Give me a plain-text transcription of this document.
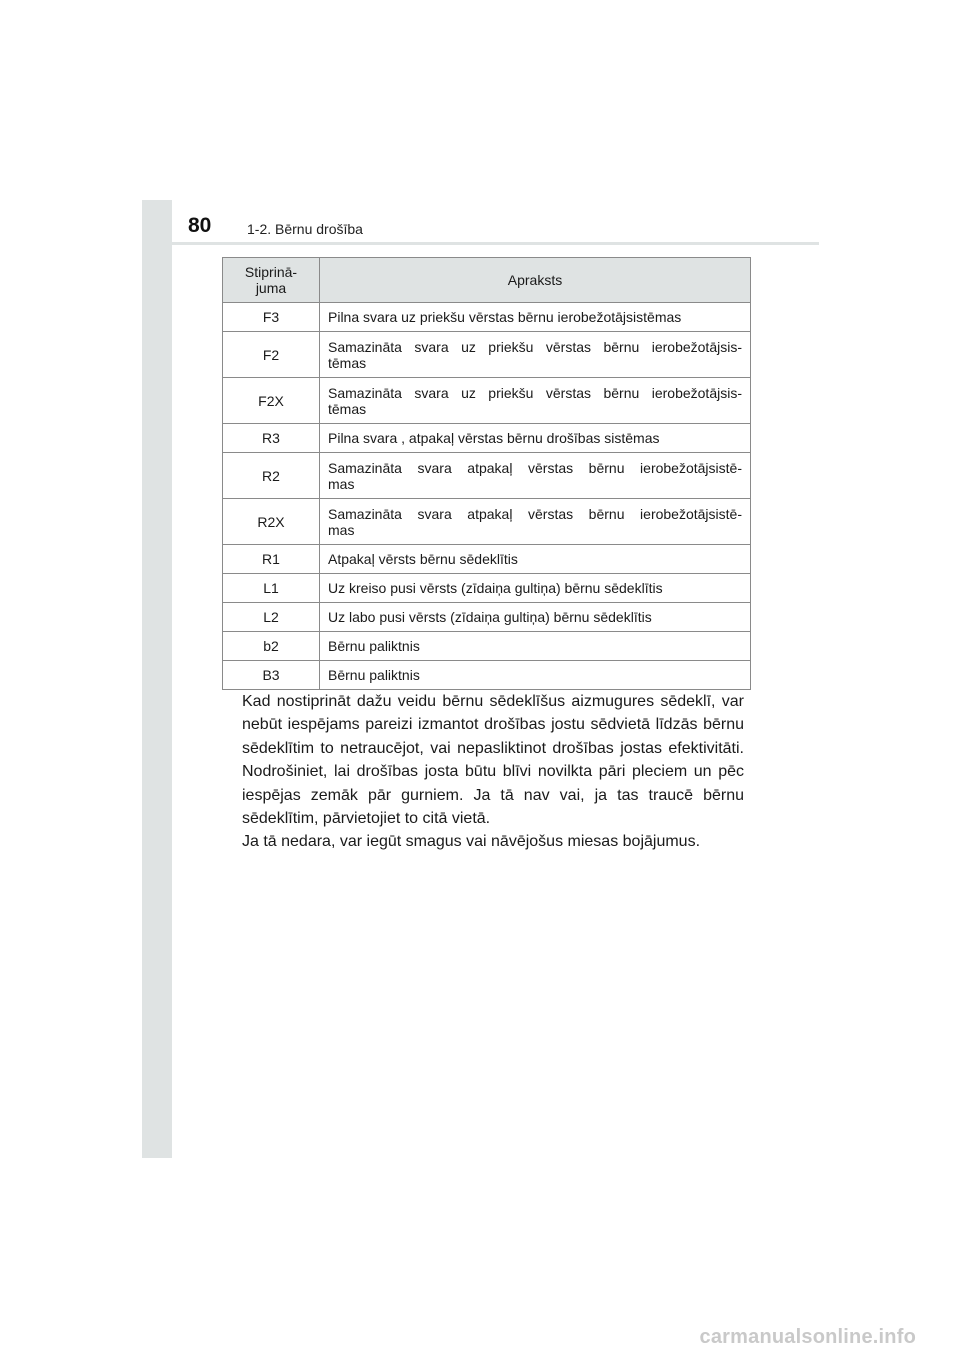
80	1-2. Bērnu drošība
Stiprinā-
juma	Apraksts
F3	Pilna svara uz priekšu vērstas bērnu ierobežotājsistēmas
F2	Samazināta svara uz priekšu vērstas bērnu ierobežotājsis-
tēmas

F2X	Samazināta svara uz priekšu vērstas bērnu ierobežotājsis-
tēmas

R3	Pilna svara , atpakaļ vērstas bērnu drošības sistēmas
R2	Samazināta svara atpakaļ vērstas bērnu ierobežotājsistē-
mas

R2X	Samazināta svara atpakaļ vērstas bērnu ierobežotājsistē-
mas

R1	Atpakaļ vērsts bērnu sēdeklītis
L1	Uz kreiso pusi vērsts (zīdaiņa gultiņa) bērnu sēdeklītis
L2	Uz labo pusi vērsts (zīdaiņa gultiņa) bērnu sēdeklītis
b2	Bērnu paliktnis
B3	Bērnu paliktnis

Kad nostiprināt dažu veidu bērnu sēdeklīšus aizmugures sēdeklī, var nebūt iespējams pareizi izmantot drošības jostu sēdvietā līdzās bērnu sēdeklītim to netraucējot, vai nepasliktinot drošības jostas efektivitāti. Nodrošiniet, lai drošības josta būtu blīvi novilkta pāri pleciem un pēc iespējas zemāk pār gurniem. Ja tā nav vai, ja tas traucē bērnu sēdeklītim, pārvietojiet to citā vietā.

Ja tā nedara, var iegūt smagus vai nāvējošus miesas bojājumus.

carmanualsonline.info
